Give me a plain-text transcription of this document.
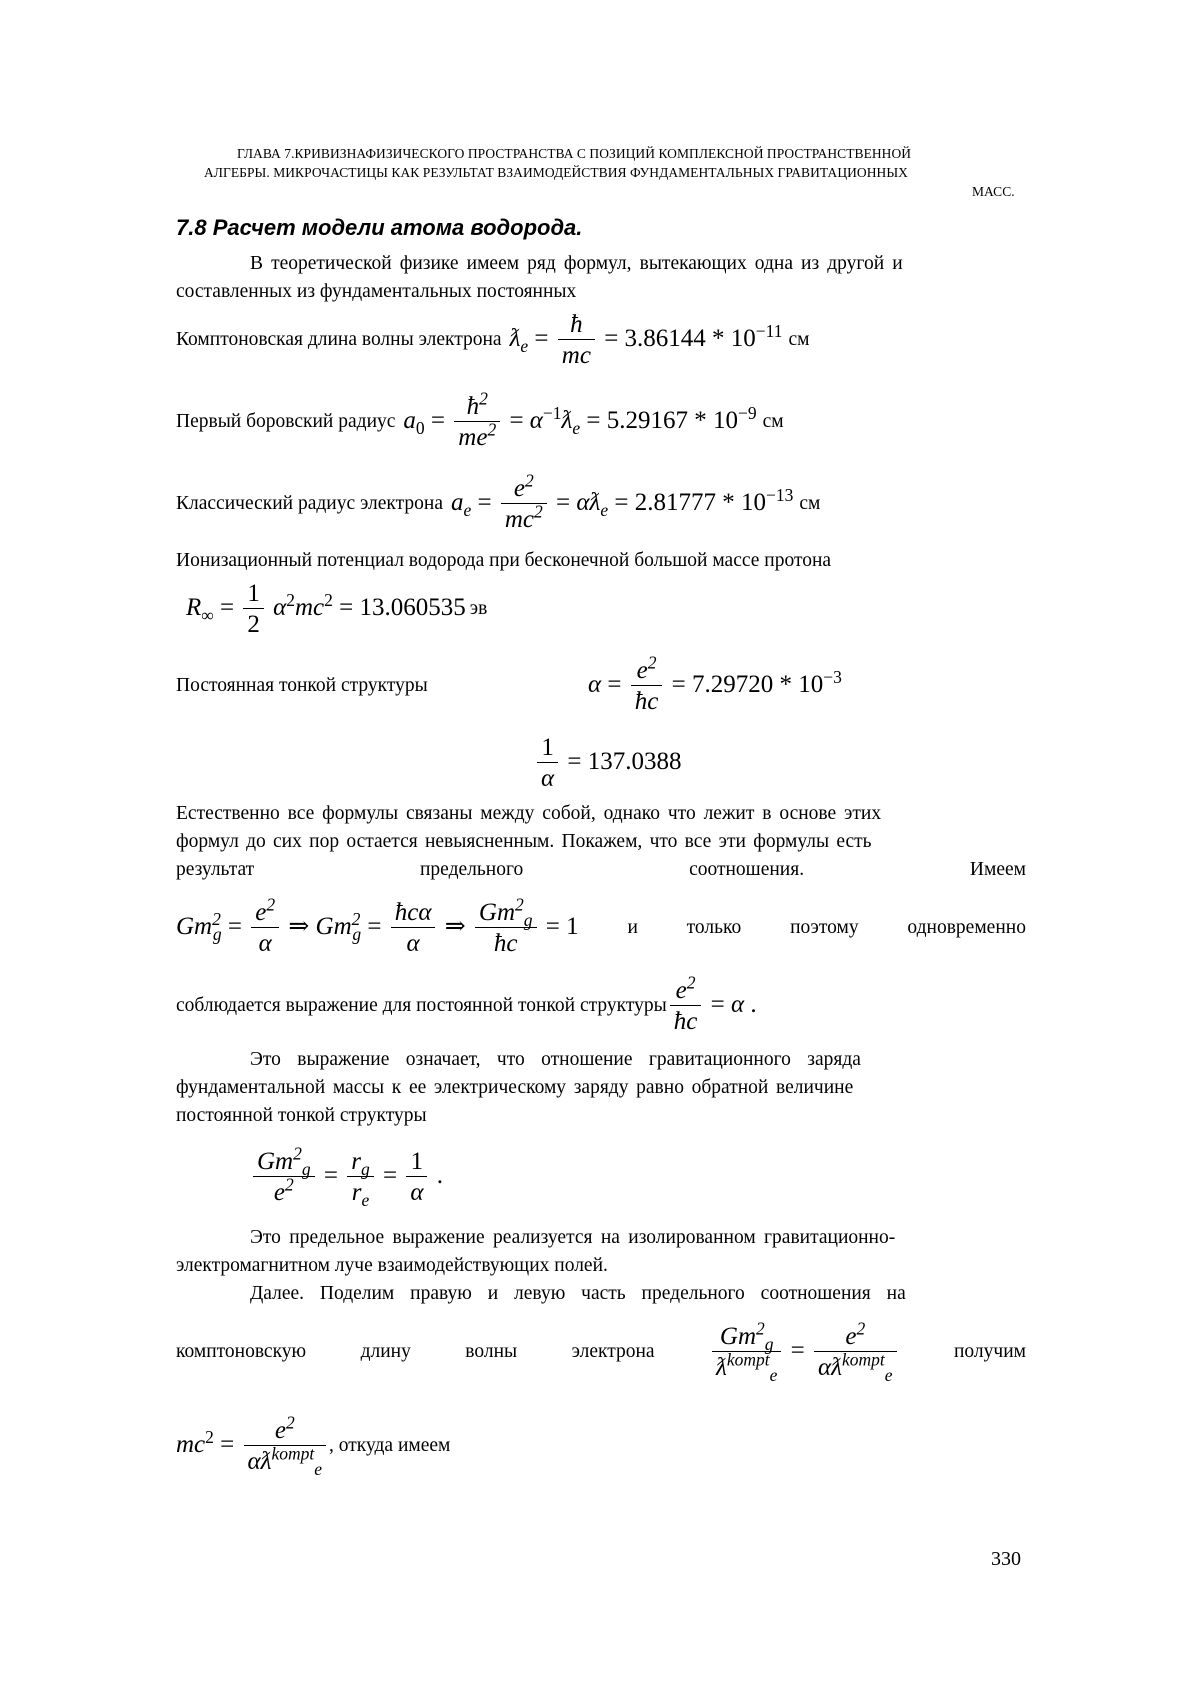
ГЛАВА 7.КРИВИЗНАФИЗИЧЕСКОГО ПРОСТРАНСТВА С ПОЗИЦИЙ КОМПЛЕКСНОЙ ПРОСТРАНСТВЕННОЙ
АЛГЕБРЫ. МИКРОЧАСТИЦЫ КАК РЕЗУЛЬТАТ ВЗАИМОДЕЙСТВИЯ ФУНДАМЕНТАЛЬНЫХ ГРАВИТАЦИОННЫХ
МАСС.
7.8 Расчет модели атома водорода.
В теоретической физике имеем ряд формул, вытекающих одна из другой и
составленных из фундаментальных постоянных
Комптоновская длина волны электрона $ƛ_e = \frac{ħ}{mc} = 3.86144 * 10^{-11}$ см
Первый боровский радиус $a_0 = \frac{ħ^2}{me^2}$ = $\alpha^{-1}ƛ_e = 5.29167 * 10^{-9}$ см
Классический радиус электрона $a_e = \frac{e^2}{mc^2}$ = $\alpha ƛ_e = 2.81777 * 10^{-13}$ см
Ионизационный потенциал водорода при бесконечной большой массе протона
$R_\infty = \frac{1}{2} \alpha^2mc^2 = 13.060535$ эв
Постоянная тонкой структуры	$\alpha = \frac{e^2}{ħc} = 7.29720 * 10^{-3}$
$\frac{1}{\alpha} = 137.0388$
Естественно все формулы связаны между собой, однако что лежит в основе этих
формул до сих пор остается невыясненным. Покажем, что все эти формулы есть
результат	предельного	соотношения.	Имеем
$Gm^2_g = \frac{e^2}{\alpha}$ ⇒ $Gm^2_g = \frac{\text{ħcα}}{\alpha}$ ⇒ $\frac{Gm^2_g}{ħc} = 1$	и	только	поэтому	одновременно
соблюдается выражение для постоянной тонкой структуры $\frac{e^2}{ħc} = \alpha$ .
Это выражение означает, что отношение гравитационного заряда
фундаментальной массы к ее электрическому заряду равно обратной величине
постоянной тонкой структуры
$\frac{Gm^2_g}{e^2} = \frac{r_g}{r_e} = \frac{1}{\alpha}$ .
Это предельное выражение реализуется на изолированном гравитационно-
электромагнитном луче взаимодействующих полей.
Далее. Поделим правую и левую часть предельного соотношения на
комптоновскую	длину	волны	электрона $\frac{Gm^2_g}{ƛ^{kompt}_e} = \frac{e^2}{\alpha ƛ^{kompt}_e}$	получим
$mc^2 = \frac{e^2}{\alpha ƛ^{kompt}_e}$ , откуда имеем
330
